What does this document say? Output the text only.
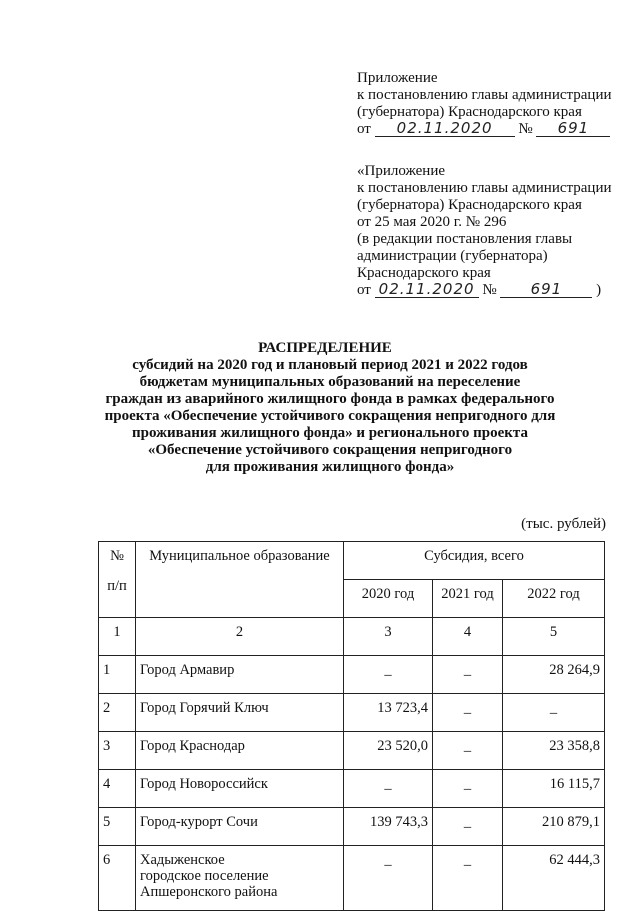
Приложение
к постановлению главы администрации
(губернатора) Краснодарского края
от 02.11.2020 № 691
«Приложение
к постановлению главы администрации
(губернатора) Краснодарского края
от 25 мая 2020 г. № 296
(в редакции постановления главы
администрации (губернатора)
Краснодарского края
от 02.11.2020 № 691 )
РАСПРЕДЕЛЕНИЕ
субсидий на 2020 год и плановый период 2021 и 2022 годов
бюджетам муниципальных образований на переселение
граждан из аварийного жилищного фонда в рамках федерального
проекта «Обеспечение устойчивого сокращения непригодного для
проживания жилищного фонда» и регионального проекта
«Обеспечение устойчивого сокращения непригодного
для проживания жилищного фонда»
(тыс. рублей)
№
п/п	Муниципальное образование	Субсидия, всего		
		2020 год	2021 год	2022 год
1	2	3	4	5
1	Город Армавир	_	_	28 264,9
2	Город Горячий Ключ	13 723,4	_	_
3	Город Краснодар	23 520,0	_	23 358,8
4	Город Новороссийск	_	_	16 115,7
5	Город-курорт Сочи	139 743,3	_	210 879,1
6	Хадыженское
городское поселение
Апшеронского района	_	_	62 444,3
